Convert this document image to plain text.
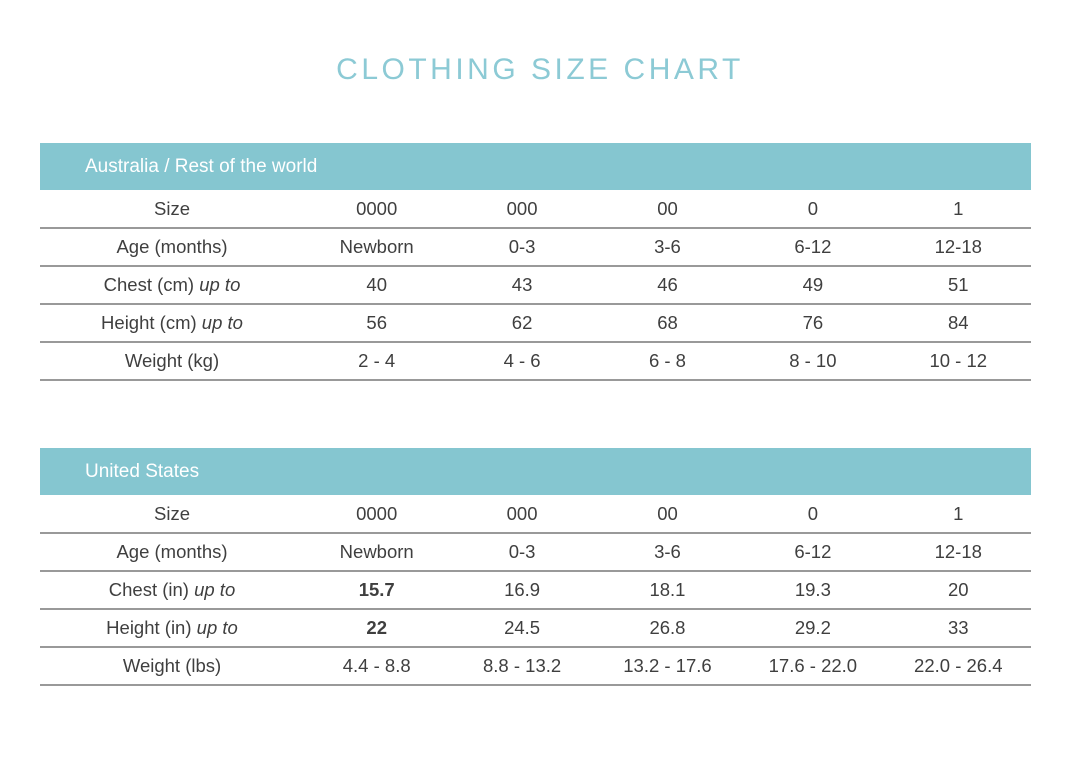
CLOTHING SIZE CHART
Australia / Rest of the world
Size	0000	000	00	0	1
Age (months)	Newborn	0-3	3-6	6-12	12-18
Chest (cm) up to	40	43	46	49	51
Height (cm) up to	56	62	68	76	84
Weight (kg)	2 - 4	4 - 6	6 - 8	8 - 10	10 - 12
United States
Size	0000	000	00	0	1
Age (months)	Newborn	0-3	3-6	6-12	12-18
Chest (in) up to	15.7	16.9	18.1	19.3	20
Height (in) up to	22	24.5	26.8	29.2	33
Weight (lbs)	4.4 - 8.8	8.8 - 13.2	13.2 - 17.6	17.6 - 22.0	22.0 - 26.4
